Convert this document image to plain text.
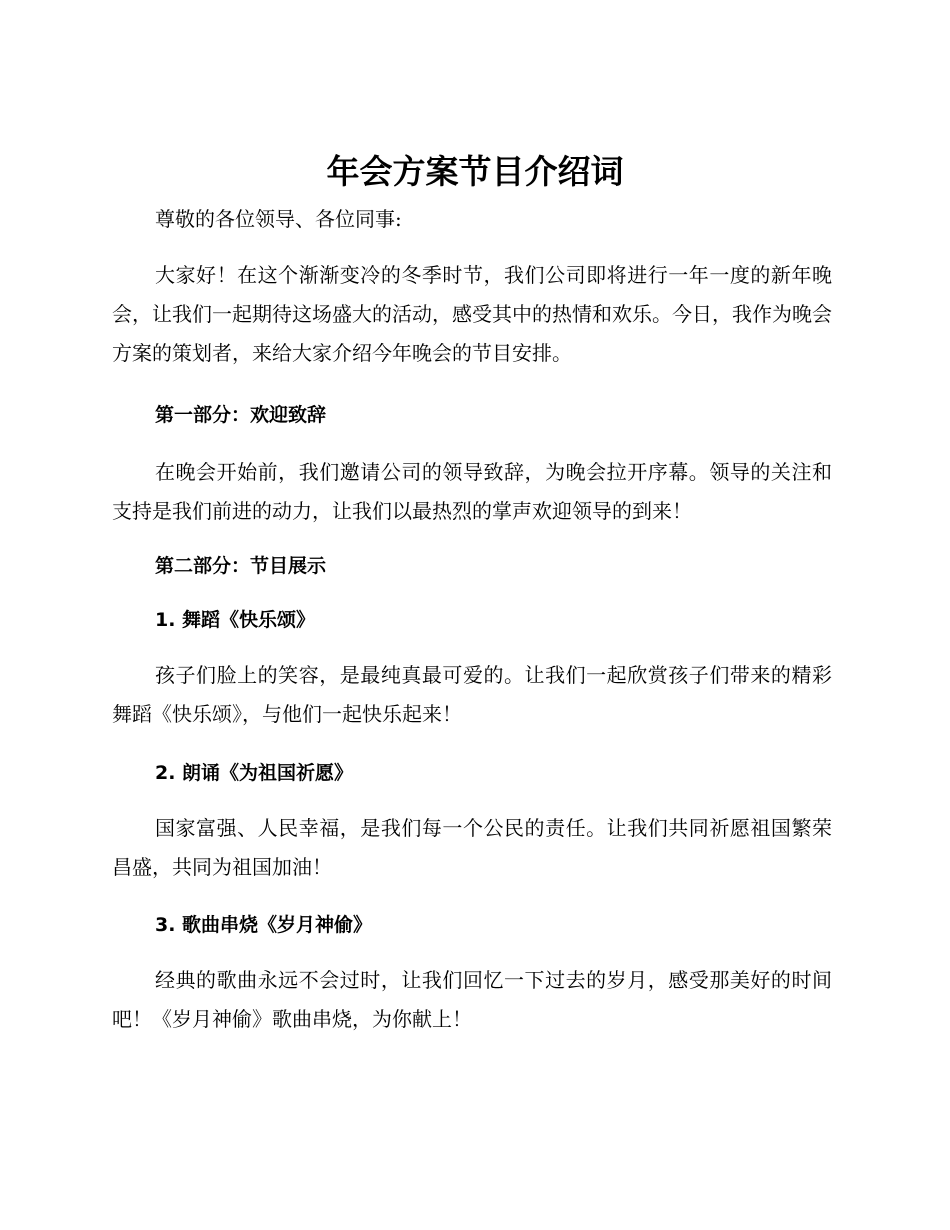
年会方案节目介绍词

尊敬的各位领导、各位同事:

大家好！在这个渐渐变冷的冬季时节，我们公司即将进行一年一度的新年晚会，让我们一起期待这场盛大的活动，感受其中的热情和欢乐。今日，我作为晚会方案的策划者，来给大家介绍今年晚会的节目安排。

第一部分：欢迎致辞

在晚会开始前，我们邀请公司的领导致辞，为晚会拉开序幕。领导的关注和支持是我们前进的动力，让我们以最热烈的掌声欢迎领导的到来！

第二部分：节目展示

1. 舞蹈《快乐颂》

孩子们脸上的笑容，是最纯真最可爱的。让我们一起欣赏孩子们带来的精彩舞蹈《快乐颂》，与他们一起快乐起来！

2. 朗诵《为祖国祈愿》

国家富强、人民幸福，是我们每一个公民的责任。让我们共同祈愿祖国繁荣昌盛，共同为祖国加油！

3. 歌曲串烧《岁月神偷》

经典的歌曲永远不会过时，让我们回忆一下过去的岁月，感受那美好的时间吧！《岁月神偷》歌曲串烧，为你献上！
